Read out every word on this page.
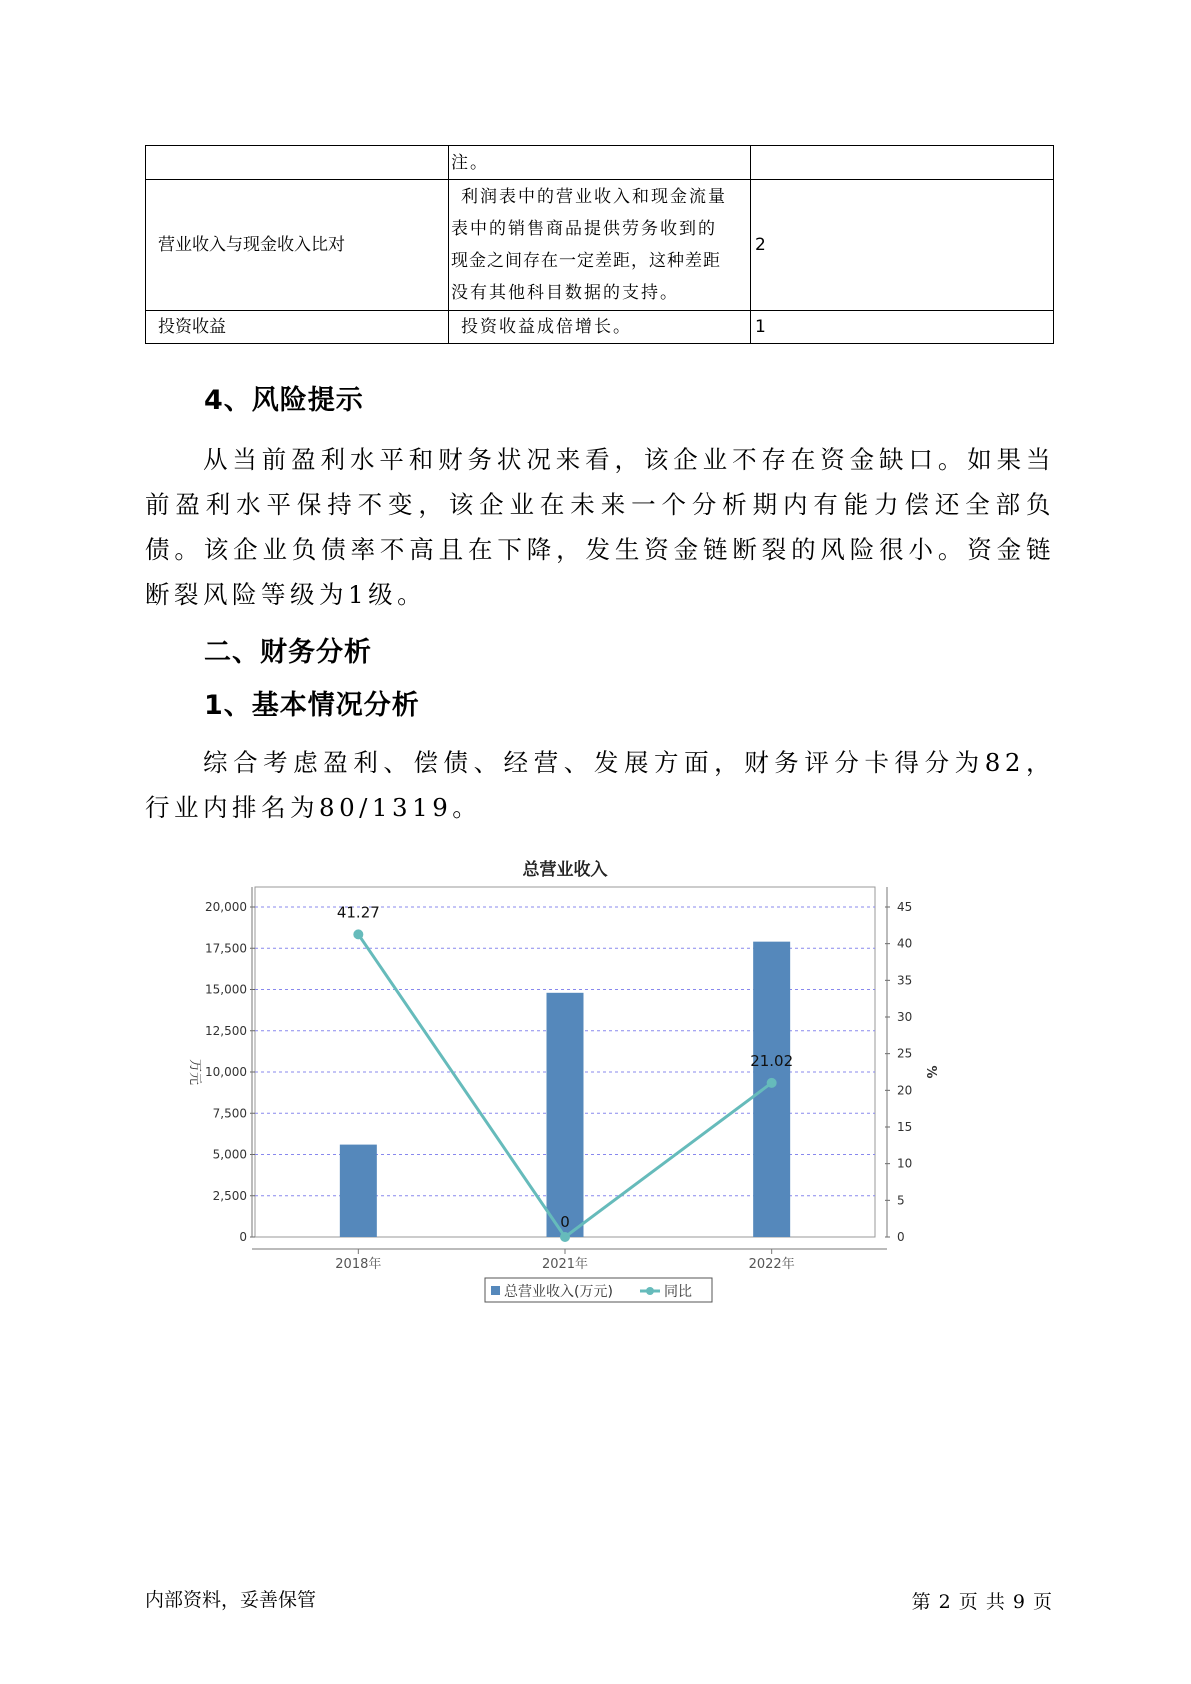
	注。	
营业收入与现金收入比对	利润表中的营业收入和现金流量
表中的销售商品提供劳务收到的
现金之间存在一定差距，这种差距
没有其他科目数据的支持。	2
投资收益	投资收益成倍增长。	1
4、风险提示

从当前盈利水平和财务状况来看，该企业不存在资金缺口。如果当前盈利水平保持不变，该企业在未来一个分析期内有能力偿还全部负债。该企业负债率不高且在下降，发生资金链断裂的风险很小。资金链断裂风险等级为1级。

二、财务分析
1、基本情况分析

综合考虑盈利、偿债、经营、发展方面，财务评分卡得分为82，行业内排名为80/1319。

总营业收入
0
2,500
5,000
7,500
10,000
12,500
15,000
17,500
20,000
0
5
10
15
20
25
30
35
40
45
万元	%
2018年	2021年	2022年
41.27
0
21.02
总营业收入(万元)	同比
内部资料，妥善保管	第 2 页 共 9 页
